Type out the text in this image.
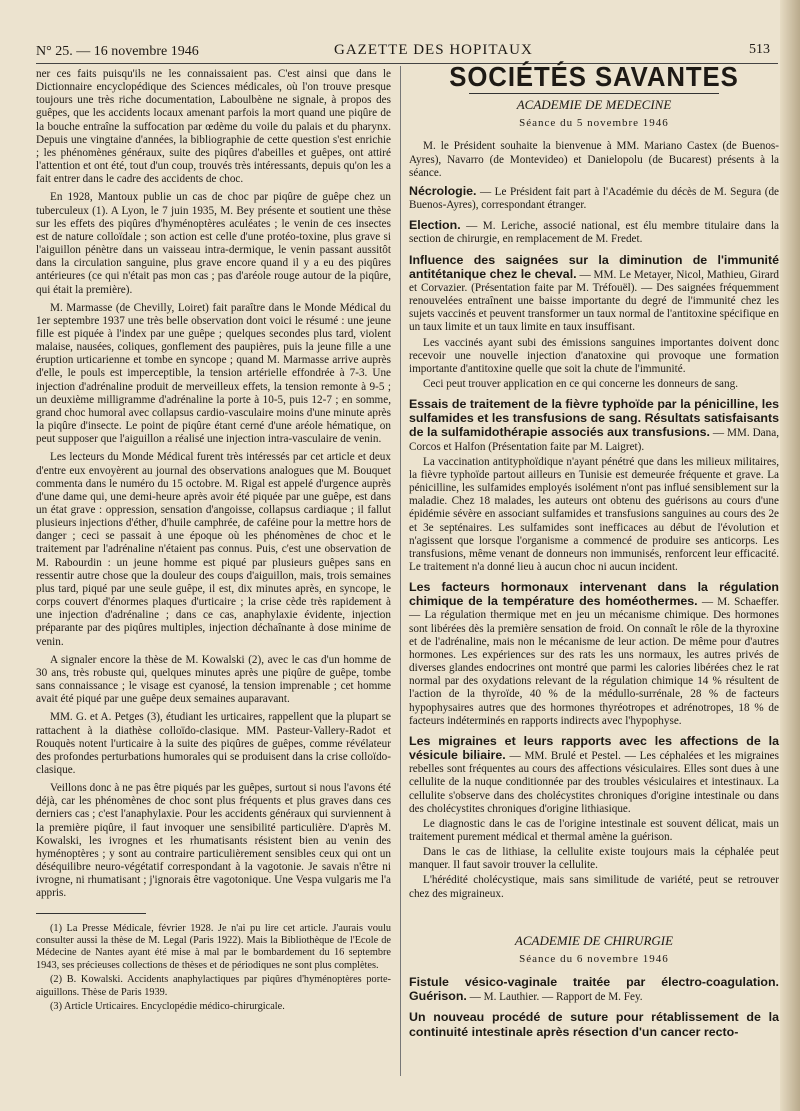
N° 25. — 16 novembre 1946	GAZETTE DES HOPITAUX	513

ner ces faits puisqu'ils ne les connaissaient pas. C'est ainsi que dans le Dictionnaire encyclopédique des Sciences médicales, où l'on trouve presque toujours une très riche documentation, Laboulbène ne signale, à propos des guêpes, que les accidents locaux amenant parfois la mort quand une piqûre de la bouche entraîne la suffocation par œdème du voile du palais et du pharynx. Depuis une vingtaine d'années, la bibliographie de cette question s'est enrichie ; les phénomènes généraux, suite des piqûres d'abeilles et guêpes, ont attiré l'attention et ont été, tout d'un coup, trouvés très intéressants, depuis qu'on les a fait entrer dans le cadre des accidents de choc.

En 1928, Mantoux publie un cas de choc par piqûre de guêpe chez un tuberculeux (1). A Lyon, le 7 juin 1935, M. Bey présente et soutient une thèse sur les effets des piqûres d'hyménoptères aculéates ; le venin de ces insectes est de nature colloïdale ; son action est celle d'une protéo-toxine, plus grave si l'aiguillon pénètre dans un vaisseau intra-dermique, le venin passant aussitôt dans la circulation sanguine, plus grave encore quand il y a eu des piqûres antérieures (ce qui n'était pas mon cas ; pas d'aréole rouge autour de la piqûre, qui était la première).

M. Marmasse (de Chevilly, Loiret) fait paraître dans le Monde Médical du 1er septembre 1937 une très belle observation dont voici le résumé : une jeune fille est piquée à l'index par une guêpe ; quelques secondes plus tard, violent malaise, nausées, coliques, gonflement des paupières, puis la jeune fille a une éruption urticarienne et tombe en syncope ; quand M. Marmasse arrive auprès d'elle, le pouls est imperceptible, la tension artérielle effondrée à 7-3. Une injection d'adrénaline produit de merveilleux effets, la tension remonte à 9-5 ; un deuxième milligramme d'adrénaline la porte à 10-5, puis 12-7 ; en somme, grand choc humoral avec collapsus cardio-vasculaire moins d'une minute après la piqûre d'insecte. Le point de piqûre étant cerné d'une aréole hématique, on peut supposer que l'aiguillon a réalisé une injection intra-vasculaire de venin.

Les lecteurs du Monde Médical furent très intéressés par cet article et deux d'entre eux envoyèrent au journal des observations analogues que M. Bouquet commenta dans le numéro du 15 octobre. M. Rigal est appelé d'urgence auprès d'une dame qui, une demi-heure après avoir été piquée par une guêpe, est dans un état grave : oppression, sensation d'angoisse, collapsus cardiaque ; il fallut plusieurs injections d'éther, d'huile camphrée, de caféine pour la mettre hors de danger ; ceci se passait à une époque où les phénomènes de choc et le traitement par l'adrénaline n'étaient pas connus. Puis, c'est une observation de M. Rabourdin : un jeune homme est piqué par plusieurs guêpes sans en ressentir autre chose que la douleur des coups d'aiguillon, mais, trois semaines plus tard, piqué par une seule guêpe, il est, dix minutes après, en syncope, le corps couvert d'énormes plaques d'urticaire ; la crise cède très rapidement à une injection d'adrénaline ; dans ce cas, anaphylaxie évidente, injection préparante par des piqûres multiples, injection déchaînante à dose minime de venin.

A signaler encore la thèse de M. Kowalski (2), avec le cas d'un homme de 30 ans, très robuste qui, quelques minutes après une piqûre de guêpe, tombe sans connaissance ; le visage est cyanosé, la tension imprenable ; cet homme avait été piqué par une guêpe deux semaines auparavant.

MM. G. et A. Petges (3), étudiant les urticaires, rappellent que la plupart se rattachent à la diathèse colloïdo-clasique. MM. Pasteur-Vallery-Radot et Rouquès notent l'urticaire à la suite des piqûres de guêpes, comme révélateur des profondes perturbations humorales qui se produisent dans la crise colloïdo-clasique.

Veillons donc à ne pas être piqués par les guêpes, surtout si nous l'avons été déjà, car les phénomènes de choc sont plus fréquents et plus graves dans ces derniers cas ; c'est l'anaphylaxie. Pour les accidents généraux qui surviennent à la première piqûre, il faut invoquer une sensibilité particulière. D'après M. Kowalski, les ivrognes et les rhumatisants résistent bien au venin des hyménoptères ; y sont au contraire particulièrement sensibles ceux qui ont un déséquilibre neuro-végétatif correspondant à la vagotonie. Je savais n'être ni ivrogne, ni rhumatisant ; j'ignorais être vagotonique. Une Vespa vulgaris me l'a appris.

(1) La Presse Médicale, février 1928. Je n'ai pu lire cet article. J'aurais voulu consulter aussi la thèse de M. Legal (Paris 1922). Mais la Bibliothèque de l'Ecole de Médecine de Nantes ayant été mise à mal par le bombardement du 16 septembre 1943, ses précieuses collections de thèses et de périodiques ne sont plus complètes.

(2) B. Kowalski. Accidents anaphylactiques par piqûres d'hyménoptères porte-aiguillons. Thèse de Paris 1939.

(3) Article Urticaires. Encyclopédie médico-chirurgicale.

SOCIÉTÉS SAVANTES
ACADEMIE DE MEDECINE
Séance du 5 novembre 1946

M. le Président souhaite la bienvenue à MM. Mariano Castex (de Buenos-Ayres), Navarro (de Montevideo) et Danielopolu (de Bucarest) présents à la séance.

Nécrologie. — Le Président fait part à l'Académie du décès de M. Segura (de Buenos-Ayres), correspondant étranger.

Election. — M. Leriche, associé national, est élu membre titulaire dans la section de chirurgie, en remplacement de M. Fredet.

Influence des saignées sur la diminution de l'immunité antitétanique chez le cheval. — MM. Le Metayer, Nicol, Mathieu, Girard et Corvazier. (Présentation faite par M. Tréfouël). — Des saignées fréquemment renouvelées entraînent une baisse importante du degré de l'immunité chez les sujets vaccinés et peuvent transformer un taux normal de l'antitoxine spécifique en un taux limite et un taux limite en taux insuffisant.

Les vaccinés ayant subi des émissions sanguines importantes doivent donc recevoir une nouvelle injection d'anatoxine qui provoque une formation importante d'antitoxine quelle que soit la chute de l'immunité.

Ceci peut trouver application en ce qui concerne les donneurs de sang.

Essais de traitement de la fièvre typhoïde par la pénicilline, les sulfamides et les transfusions de sang. Résultats satisfaisants de la sulfamidothérapie associés aux transfusions. — MM. Dana, Corcos et Halfon (Présentation faite par M. Laigret).

La vaccination antityphoïdique n'ayant pénétré que dans les milieux militaires, la fièvre typhoïde partout ailleurs en Tunisie est demeurée fréquente et grave. La pénicilline, les sulfamides employés isolément n'ont pas influé sensiblement sur la maladie. Chez 18 malades, les auteurs ont obtenu des guérisons au cours d'une épidémie sévère en associant sulfamides et transfusions sanguines au cours des 2e et 3e septénaires. Les sulfamides sont inefficaces au début de l'évolution et n'agissent que lorsque l'organisme a commencé de produire ses anticorps. Les transfusions, même venant de donneurs non immunisés, renforcent leur efficacité. Le traitement n'a donné lieu à aucun choc ni aucun incident.

Les facteurs hormonaux intervenant dans la régulation chimique de la température des homéothermes. — M. Schaeffer. — La régulation thermique met en jeu un mécanisme chimique. Des hormones sont libérées dès la première sensation de froid. On connaît le rôle de la thyroxine et de l'adrénaline, mais non le mécanisme de leur action. De même pour d'autres hormones. Les expériences sur des rats les uns normaux, les autres privés de diverses glandes endocrines ont montré que parmi les calories libérées chez le rat normal par des oxydations relevant de la régulation chimique 14 % résultent de l'action de la thyroïde, 40 % de la médullo-surrénale, 28 % de facteurs hypophysaires autres que des hormones thyréotropes et adrénotropes, 18 % de facteurs indéterminés en rapports indirects avec l'hypophyse.

Les migraines et leurs rapports avec les affections de la vésicule biliaire. — MM. Brulé et Pestel. — Les céphalées et les migraines rebelles sont fréquentes au cours des affections vésiculaires. Elles sont dues à une cellulite de la nuque conditionnée par des troubles vésiculaires et intestinaux. La cellulite s'observe dans des cholécystites chroniques d'origine intestinale ou dans des cholécystites chroniques d'origine lithiasique.

Le diagnostic dans le cas de l'origine intestinale est souvent délicat, mais un traitement purement médical et thermal amène la guérison.

Dans le cas de lithiase, la cellulite existe toujours mais la céphalée peut manquer. Il faut savoir trouver la cellulite.

L'hérédité cholécystique, mais sans similitude de variété, peut se retrouver chez des migraineux.

ACADEMIE DE CHIRURGIE
Séance du 6 novembre 1946

Fistule vésico-vaginale traitée par électro-coagulation. Guérison. — M. Lauthier. — Rapport de M. Fey.

Un nouveau procédé de suture pour rétablissement de la continuité intestinale après résection d'un cancer recto-
